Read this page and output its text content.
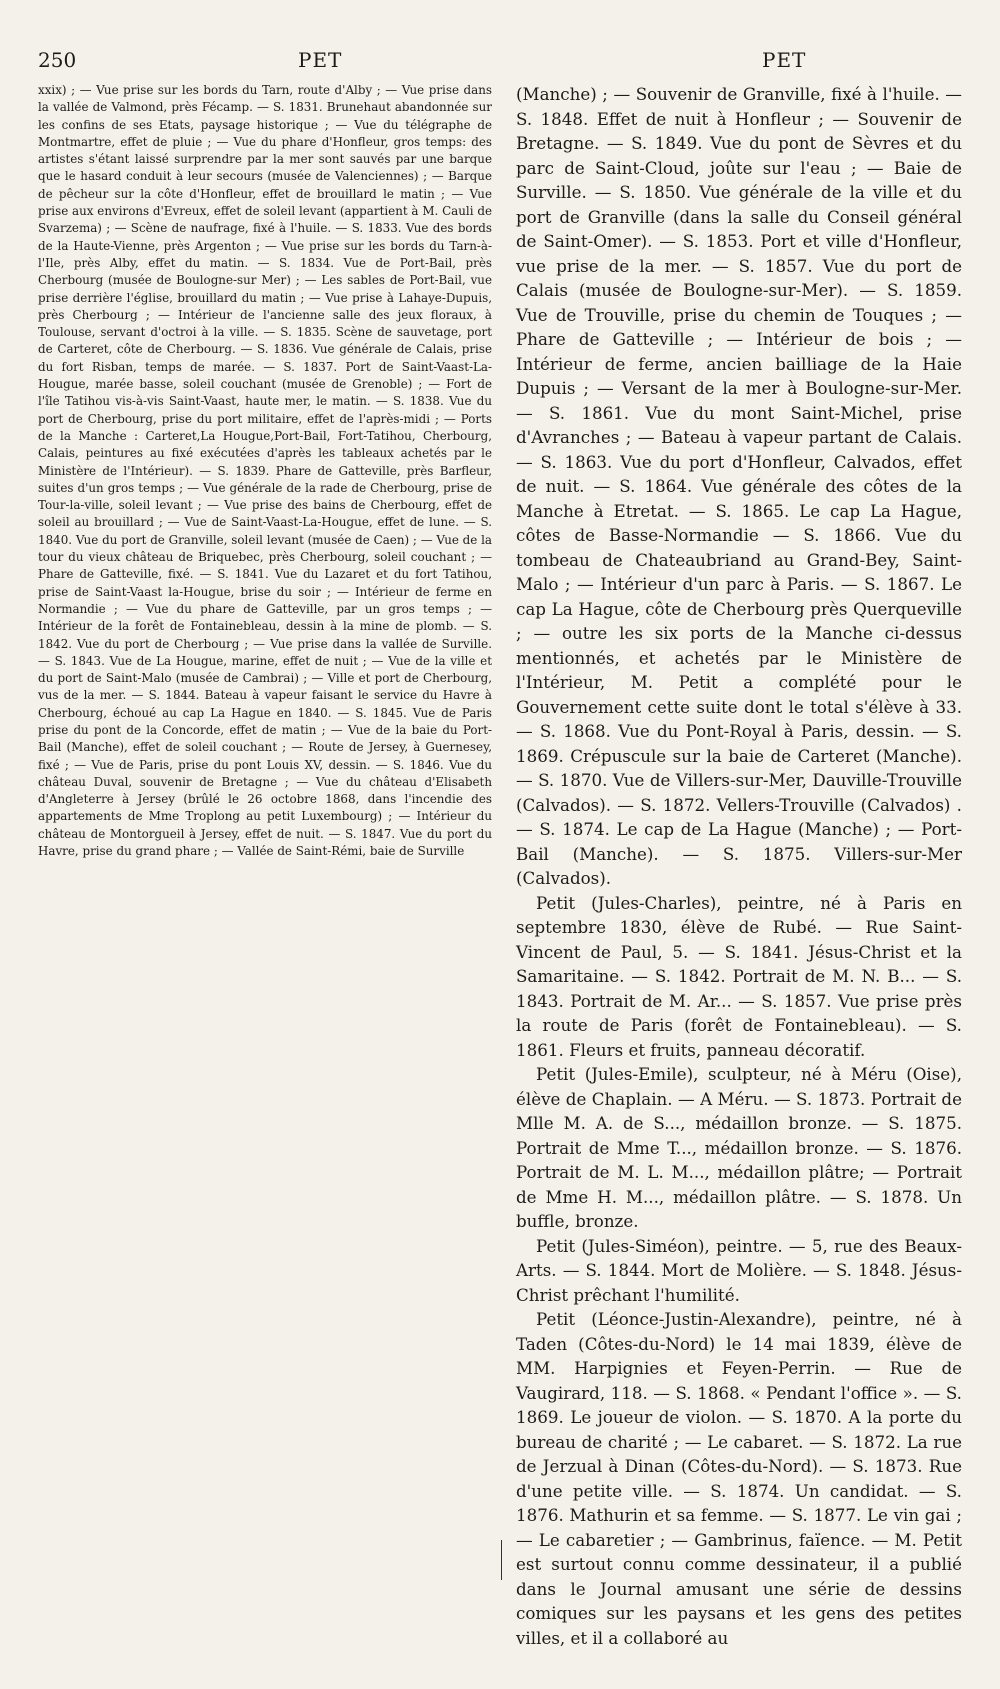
250	PET	PET

xxix) ; — Vue prise sur les bords du Tarn, route d'Alby ; — Vue prise dans la vallée de Valmond, près Fécamp. — S. 1831. Brunehaut abandonnée sur les confins de ses Etats, paysage historique ; — Vue du télégraphe de Montmartre, effet de pluie ; — Vue du phare d'Honfleur, gros temps: des artistes s'étant laissé surprendre par la mer sont sauvés par une barque que le hasard conduit à leur secours (musée de Valenciennes) ; — Barque de pêcheur sur la côte d'Honfleur, effet de brouillard le matin ; — Vue prise aux environs d'Evreux, effet de soleil levant (appartient à M. Cauli de Svarzema) ; — Scène de naufrage, fixé à l'huile. — S. 1833. Vue des bords de la Haute-Vienne, près Argenton ; — Vue prise sur les bords du Tarn-à-l'Ile, près Alby, effet du matin. — S. 1834. Vue de Port-Bail, près Cherbourg (musée de Boulogne-sur Mer) ; — Les sables de Port-Bail, vue prise derrière l'église, brouillard du matin ; — Vue prise à Lahaye-Dupuis, près Cherbourg ; — Intérieur de l'ancienne salle des jeux floraux, à Toulouse, servant d'octroi à la ville. — S. 1835. Scène de sauvetage, port de Carteret, côte de Cherbourg. — S. 1836. Vue générale de Calais, prise du fort Risban, temps de marée. — S. 1837. Port de Saint-Vaast-La-Hougue, marée basse, soleil couchant (musée de Grenoble) ; — Fort de l'île Tatihou vis-à-vis Saint-Vaast, haute mer, le matin. — S. 1838. Vue du port de Cherbourg, prise du port militaire, effet de l'après-midi ; — Ports de la Manche : Carteret,La Hougue,Port-Bail, Fort-Tatihou, Cherbourg, Calais, peintures au fixé exécutées d'après les tableaux achetés par le Ministère de l'Intérieur). — S. 1839. Phare de Gatteville, près Barfleur, suites d'un gros temps ; — Vue générale de la rade de Cherbourg, prise de Tour-la-ville, soleil levant ; — Vue prise des bains de Cherbourg, effet de soleil au brouillard ; — Vue de Saint-Vaast-La-Hougue, effet de lune. — S. 1840. Vue du port de Granville, soleil levant (musée de Caen) ; — Vue de la tour du vieux château de Briquebec, près Cherbourg, soleil couchant ; — Phare de Gatteville, fixé. — S. 1841. Vue du Lazaret et du fort Tatihou, prise de Saint-Vaast la-Hougue, brise du soir ; — Intérieur de ferme en Normandie ; — Vue du phare de Gatteville, par un gros temps ; — Intérieur de la forêt de Fontainebleau, dessin à la mine de plomb. — S. 1842. Vue du port de Cherbourg ; — Vue prise dans la vallée de Surville. — S. 1843. Vue de La Hougue, marine, effet de nuit ; — Vue de la ville et du port de Saint-Malo (musée de Cambrai) ; — Ville et port de Cherbourg, vus de la mer. — S. 1844. Bateau à vapeur faisant le service du Havre à Cherbourg, échoué au cap La Hague en 1840. — S. 1845. Vue de Paris prise du pont de la Concorde, effet de matin ; — Vue de la baie du Port-Bail (Manche), effet de soleil couchant ; — Route de Jersey, à Guernesey, fixé ; — Vue de Paris, prise du pont Louis XV, dessin. — S. 1846. Vue du château Duval, souvenir de Bretagne ; — Vue du château d'Elisabeth d'Angleterre à Jersey (brûlé le 26 octobre 1868, dans l'incendie des appartements de Mme Troplong au petit Luxembourg) ; — Intérieur du château de Montorgueil à Jersey, effet de nuit. — S. 1847. Vue du port du Havre, prise du grand phare ; — Vallée de Saint-Rémi, baie de Surville

(Manche) ; — Souvenir de Granville, fixé à l'huile. — S. 1848. Effet de nuit à Honfleur ; — Souvenir de Bretagne. — S. 1849. Vue du pont de Sèvres et du parc de Saint-Cloud, joûte sur l'eau ; — Baie de Surville. — S. 1850. Vue générale de la ville et du port de Granville (dans la salle du Conseil général de Saint-Omer). — S. 1853. Port et ville d'Honfleur, vue prise de la mer. — S. 1857. Vue du port de Calais (musée de Boulogne-sur-Mer). — S. 1859. Vue de Trouville, prise du chemin de Touques ; — Phare de Gatteville ; — Intérieur de bois ; — Intérieur de ferme, ancien bailliage de la Haie Dupuis ; — Versant de la mer à Boulogne-sur-Mer. — S. 1861. Vue du mont Saint-Michel, prise d'Avranches ; — Bateau à vapeur partant de Calais. — S. 1863. Vue du port d'Honfleur, Calvados, effet de nuit. — S. 1864. Vue générale des côtes de la Manche à Etretat. — S. 1865. Le cap La Hague, côtes de Basse-Normandie — S. 1866. Vue du tombeau de Chateaubriand au Grand-Bey, Saint-Malo ; — Intérieur d'un parc à Paris. — S. 1867. Le cap La Hague, côte de Cherbourg près Querqueville ; — outre les six ports de la Manche ci-dessus mentionnés, et achetés par le Ministère de l'Intérieur, M. Petit a complété pour le Gouvernement cette suite dont le total s'élève à 33. — S. 1868. Vue du Pont-Royal à Paris, dessin. — S. 1869. Crépuscule sur la baie de Carteret (Manche). — S. 1870. Vue de Villers-sur-Mer, Dauville-Trouville (Calvados). — S. 1872. Vellers-Trouville (Calvados) . — S. 1874. Le cap de La Hague (Manche) ; — Port-Bail (Manche). — S. 1875. Villers-sur-Mer (Calvados).

Petit (Jules-Charles), peintre, né à Paris en septembre 1830, élève de Rubé. — Rue Saint-Vincent de Paul, 5. — S. 1841. Jésus-Christ et la Samaritaine. — S. 1842. Portrait de M. N. B... — S. 1843. Portrait de M. Ar... — S. 1857. Vue prise près la route de Paris (forêt de Fontainebleau). — S. 1861. Fleurs et fruits, panneau décoratif.

Petit (Jules-Emile), sculpteur, né à Méru (Oise), élève de Chaplain. — A Méru. — S. 1873. Portrait de Mlle M. A. de S..., médaillon bronze. — S. 1875. Portrait de Mme T..., médaillon bronze. — S. 1876. Portrait de M. L. M..., médaillon plâtre; — Portrait de Mme H. M..., médaillon plâtre. — S. 1878. Un buffle, bronze.

Petit (Jules-Siméon), peintre. — 5, rue des Beaux-Arts. — S. 1844. Mort de Molière. — S. 1848. Jésus-Christ prêchant l'humilité.

Petit (Léonce-Justin-Alexandre), peintre, né à Taden (Côtes-du-Nord) le 14 mai 1839, élève de MM. Harpignies et Feyen-Perrin. — Rue de Vaugirard, 118. — S. 1868. « Pendant l'office ». — S. 1869. Le joueur de violon. — S. 1870. A la porte du bureau de charité ; — Le cabaret. — S. 1872. La rue de Jerzual à Dinan (Côtes-du-Nord). — S. 1873. Rue d'une petite ville. — S. 1874. Un candidat. — S. 1876. Mathurin et sa femme. — S. 1877. Le vin gai ; — Le cabaretier ; — Gambrinus, faïence. — M. Petit est surtout connu comme dessinateur, il a publié dans le Journal amusant une série de dessins comiques sur les paysans et les gens des petites villes, et il a collaboré au
